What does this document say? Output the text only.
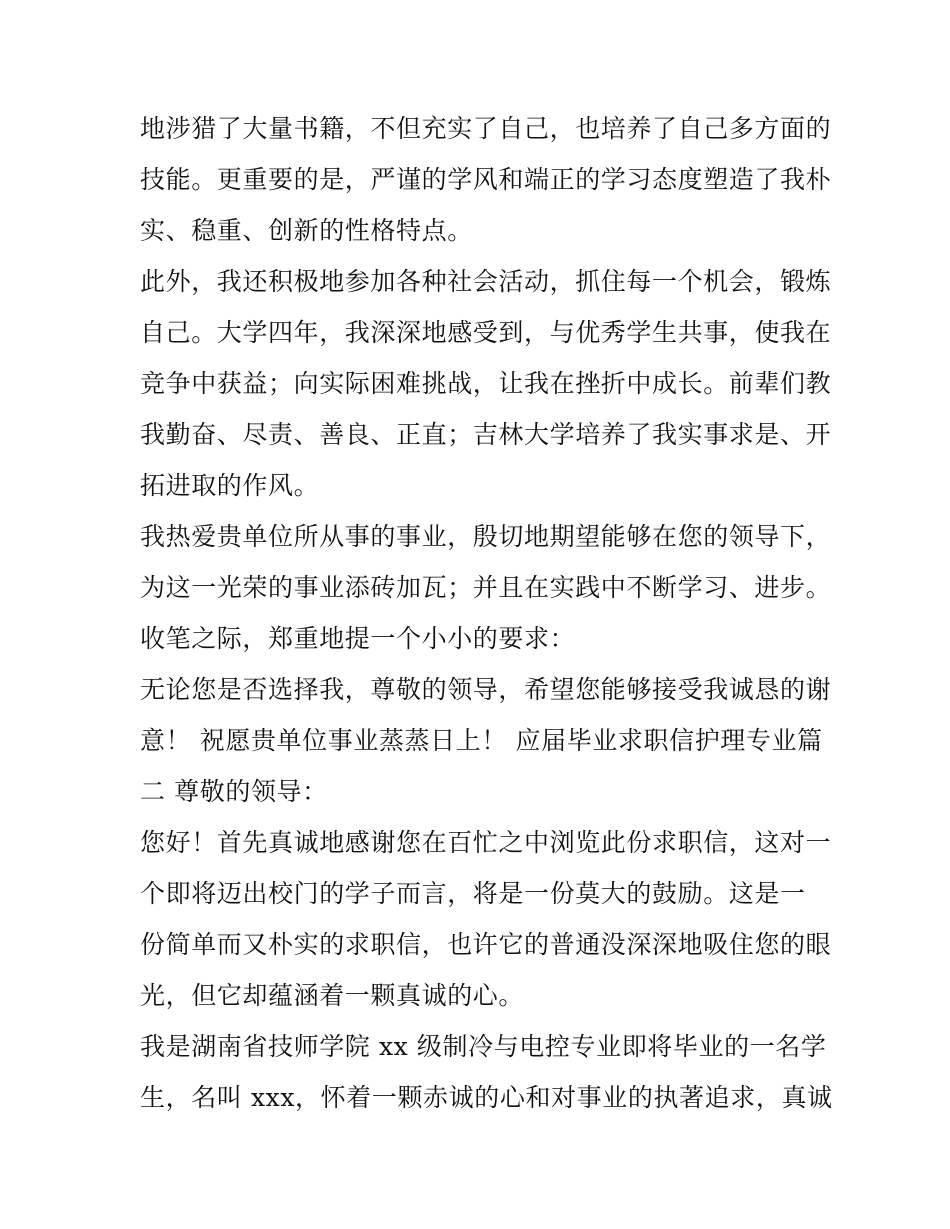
地涉猎了大量书籍，不但充实了自己，也培养了自己多方面的
技能。更重要的是，严谨的学风和端正的学习态度塑造了我朴
实、稳重、创新的性格特点。
此外，我还积极地参加各种社会活动，抓住每一个机会，锻炼
自己。大学四年，我深深地感受到，与优秀学生共事，使我在
竞争中获益；向实际困难挑战，让我在挫折中成长。前辈们教
我勤奋、尽责、善良、正直；吉林大学培养了我实事求是、开
拓进取的作风。
我热爱贵单位所从事的事业，殷切地期望能够在您的领导下，
为这一光荣的事业添砖加瓦；并且在实践中不断学习、进步。
收笔之际，郑重地提一个小小的要求：
无论您是否选择我，尊敬的领导，希望您能够接受我诚恳的谢
意！ 祝愿贵单位事业蒸蒸日上！ 应届毕业求职信护理专业篇
二 尊敬的领导：
您好！首先真诚地感谢您在百忙之中浏览此份求职信，这对一
个即将迈出校门的学子而言，将是一份莫大的鼓励。这是一
份简单而又朴实的求职信，也许它的普通没深深地吸住您的眼
光，但它却蕴涵着一颗真诚的心。
我是湖南省技师学院 xx 级制冷与电控专业即将毕业的一名学
生，名叫 xxx，怀着一颗赤诚的心和对事业的执著追求，真诚
